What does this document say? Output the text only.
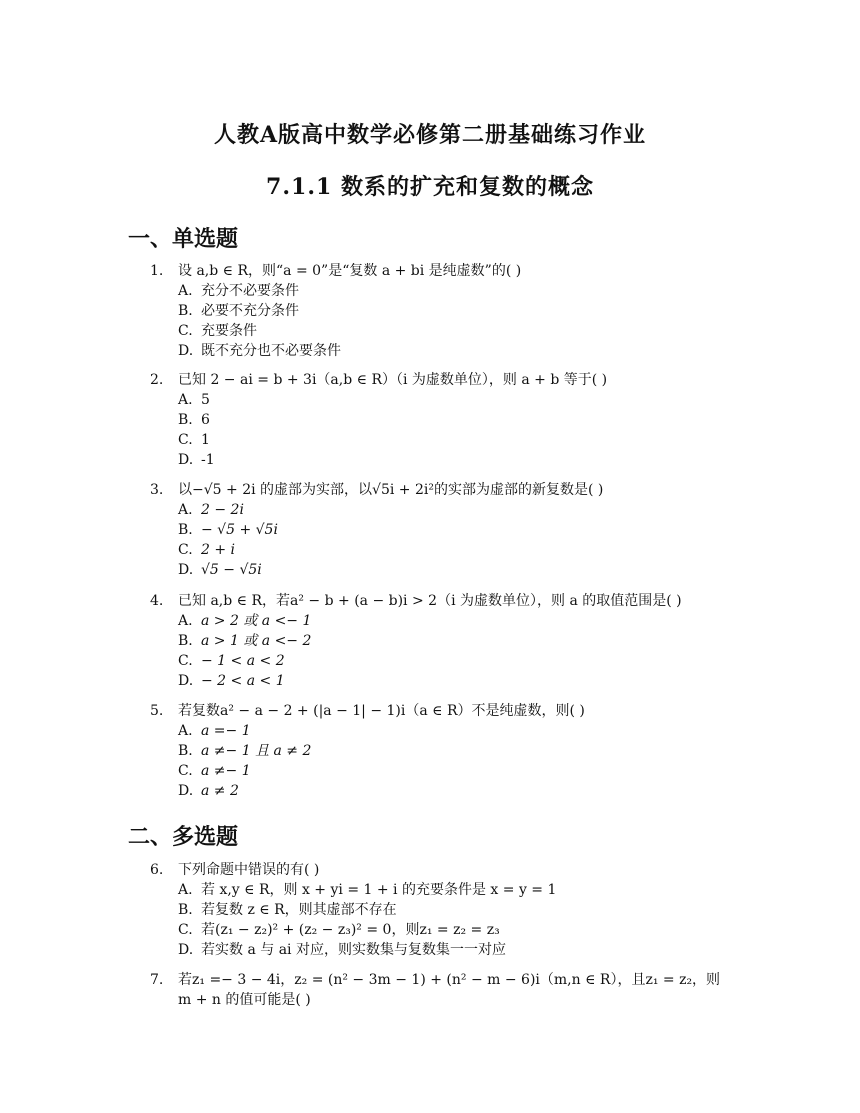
人教A版高中数学必修第二册基础练习作业
7.1.1 数系的扩充和复数的概念
一、单选题
1.	设 a,b ∈ R，则“a = 0”是“复数 a + bi 是纯虚数”的( )
A. 充分不必要条件
B. 必要不充分条件
C. 充要条件
D. 既不充分也不必要条件
2.	已知 2 − ai = b + 3i（a,b ∈ R）（i 为虚数单位），则 a + b 等于( )
A. 5
B. 6
C. 1
D. -1
3.	以−√5 + 2i 的虚部为实部，以√5i + 2i²的实部为虚部的新复数是( )
A. 2 − 2i
B. − √5 + √5i
C. 2 + i
D. √5 − √5i
4.	已知 a,b ∈ R，若a² − b + (a − b)i > 2（i 为虚数单位），则 a 的取值范围是( )
A. a > 2 或 a <− 1
B. a > 1 或 a <− 2
C. − 1 < a < 2
D. − 2 < a < 1
5.	若复数a² − a − 2 + (|a − 1| − 1)i（a ∈ R）不是纯虚数，则( )
A. a =− 1
B. a ≠− 1 且 a ≠ 2
C. a ≠− 1
D. a ≠ 2
二、多选题
6.	下列命题中错误的有( )
A. 若 x,y ∈ R，则 x + yi = 1 + i 的充要条件是 x = y = 1
B. 若复数 z ∈ R，则其虚部不存在
C. 若(z₁ − z₂)² + (z₂ − z₃)² = 0，则z₁ = z₂ = z₃
D. 若实数 a 与 ai 对应，则实数集与复数集一一对应
7.	若z₁ =− 3 − 4i，z₂ = (n² − 3m − 1) + (n² − m − 6)i（m,n ∈ R），且z₁ = z₂，则 m + n 的值可能是( )
